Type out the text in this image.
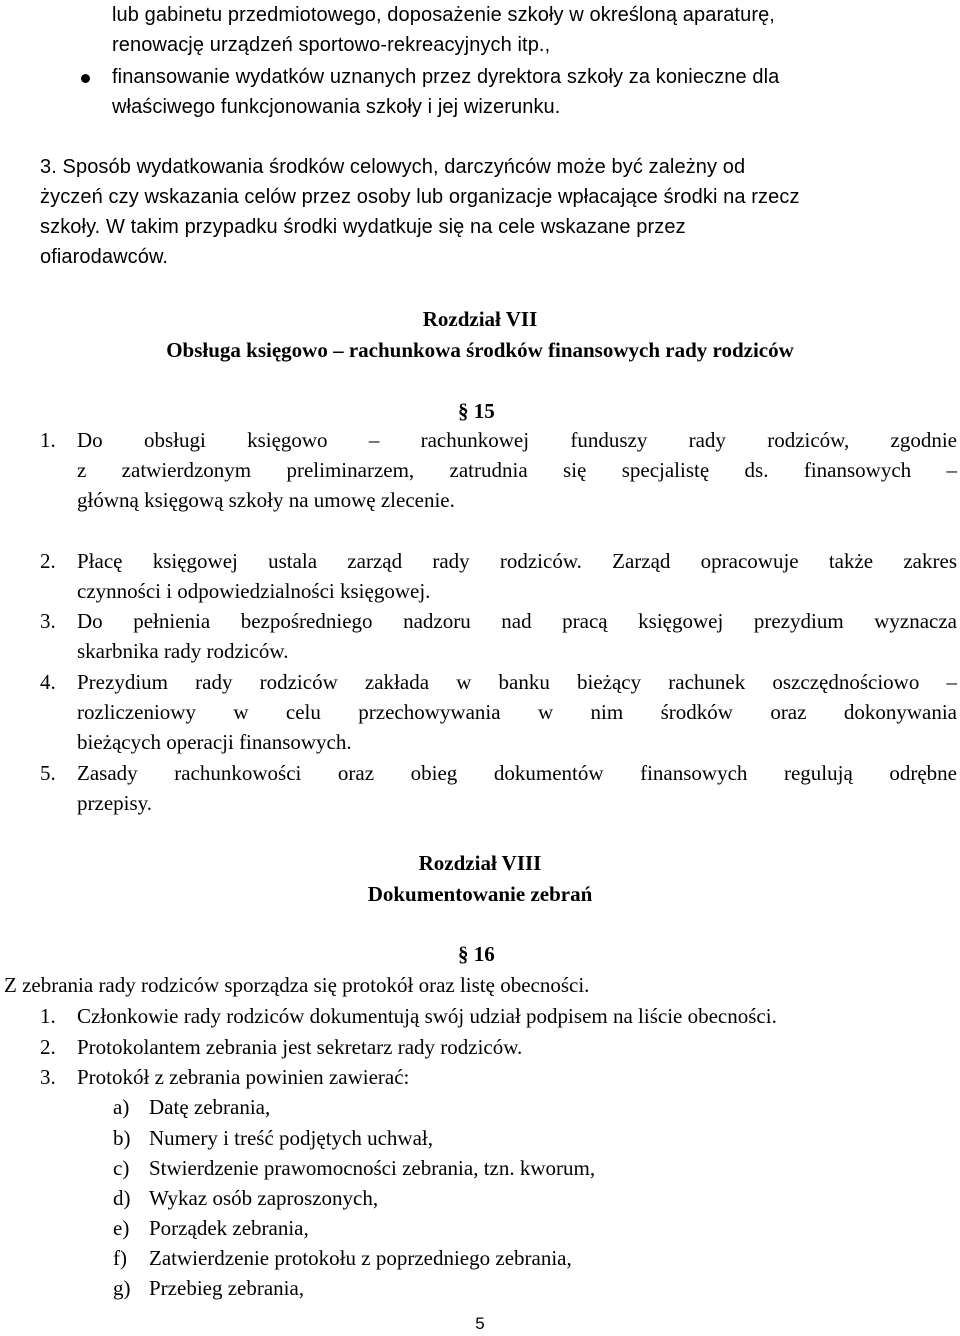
lub gabinetu przedmiotowego, doposażenie szkoły w określoną aparaturę,
renowację urządzeń sportowo-rekreacyjnych itp.,
finansowanie wydatków uznanych przez dyrektora szkoły za konieczne dla
właściwego funkcjonowania szkoły i jej wizerunku.
3. Sposób wydatkowania środków celowych, darczyńców może być zależny od
życzeń czy wskazania celów przez osoby lub organizacje wpłacające środki na rzecz
szkoły. W takim przypadku środki wydatkuje się na cele wskazane przez
ofiarodawców.
Rozdział VII
Obsługa księgowo – rachunkowa środków finansowych rady rodziców
§ 15
1. Do obsługi księgowo – rachunkowej funduszy rady rodziców, zgodnie
z zatwierdzonym preliminarzem, zatrudnia się specjalistę ds. finansowych –
główną księgową szkoły na umowę zlecenie.
2. Płacę księgowej ustala zarząd rady rodziców. Zarząd opracowuje także zakres
czynności i odpowiedzialności księgowej.
3. Do pełnienia bezpośredniego nadzoru nad pracą księgowej prezydium wyznacza
skarbnika rady rodziców.
4. Prezydium rady rodziców zakłada w banku bieżący rachunek oszczędnościowo –
rozliczeniowy w celu przechowywania w nim środków oraz dokonywania
bieżących operacji finansowych.
5. Zasady rachunkowości oraz obieg dokumentów finansowych regulują odrębne
przepisy.
Rozdział VIII
Dokumentowanie zebrań
§ 16
Z zebrania rady rodziców sporządza się protokół oraz listę obecności.
1. Członkowie rady rodziców dokumentują swój udział podpisem na liście obecności.
2. Protokolantem zebrania jest sekretarz rady rodziców.
3. Protokół z zebrania powinien zawierać:
a) Datę zebrania,
b) Numery i treść podjętych uchwał,
c) Stwierdzenie prawomocności zebrania, tzn. kworum,
d) Wykaz osób zaproszonych,
e) Porządek zebrania,
f) Zatwierdzenie protokołu z poprzedniego zebrania,
g) Przebieg zebrania,
5
